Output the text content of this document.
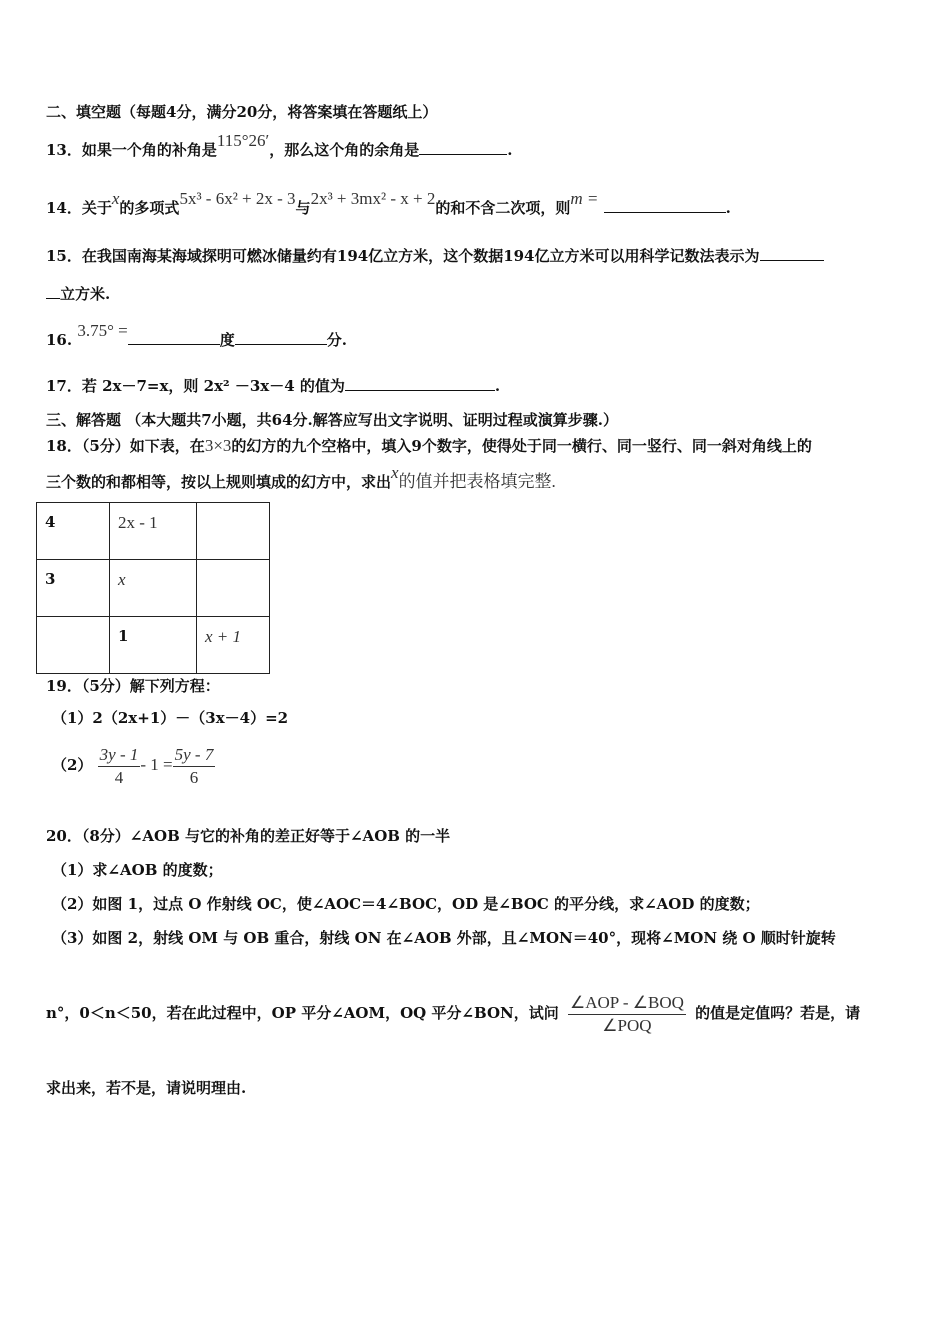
二、填空题（每题4分，满分20分，将答案填在答题纸上）
13．如果一个角的补角是115°26′，那么这个角的余角是	.
14．关于x的多项式5x³ - 6x² + 2x - 3与2x³ + 3mx² - x + 2的和不含二次项，则m =	.
15．在我国南海某海域探明可燃冰储量约有194亿立方米，这个数据194亿立方米可以用科学记数法表示为
立方米.
16. 3.75° =	度	分.
17．若 2x－7=x，则 2x² －3x－4 的值为	.
三、解答题 （本大题共7小题，共64分.解答应写出文字说明、证明过程或演算步骤.）
18．（5分）如下表，在3×3的幻方的九个空格中，填入9个数字，使得处于同一横行、同一竖行、同一斜对角线上的
三个数的和都相等，按以上规则填成的幻方中，求出x的值并把表格填完整.
4	2x - 1	
3	x	
	1	x + 1
19．（5分）解下列方程：
（1）2（2x+1）－（3x－4）=2
$(2) \frac{3y - 1}{4} - 1 = \frac{5y - 7}{6}$
20．（8分）∠AOB 与它的补角的差正好等于∠AOB 的一半
（1）求∠AOB 的度数；
（2）如图 1，过点 O 作射线 OC，使∠AOC＝4∠BOC，OD 是∠BOC 的平分线，求∠AOD 的度数；
（3）如图 2，射线 OM 与 OB 重合，射线 ON 在∠AOB 外部，且∠MON＝40°，现将∠MON 绕 O 顺时针旋转
n°，0＜n＜50，若在此过程中，OP 平分∠AOM，OQ 平分∠BON，试问 $\frac{\text{∠AOP - ∠BOQ}}{\text{∠POQ}}$ 的值是定值吗？若是，请
求出来，若不是，请说明理由.
